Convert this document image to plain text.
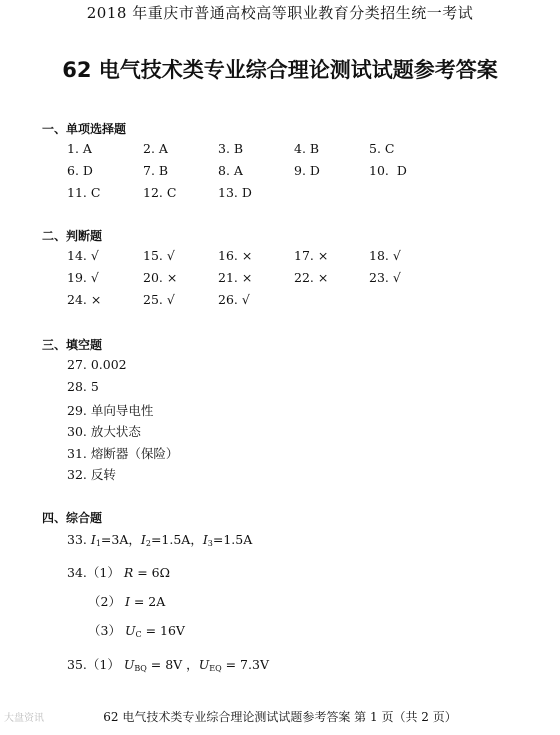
2018 年重庆市普通高校高等职业教育分类招生统一考试
62 电气技术类专业综合理论测试试题参考答案
一、单项选择题
1. A	2. A	3. B	4. B	5. C
6. D	7. B	8. A	9. D	10.  D
11. C	12. C	13. D
二、判断题
14. √	15. √	16. ×	17. ×	18. √
19. √	20. ×	21. ×	22. ×	23. √
24. ×	25. √	26. √
三、填空题
27. 0.002
28. 5
29. 单向导电性
30. 放大状态
31. 熔断器（保险）
32. 反转
四、综合题
33. $I_1=3A$，$I_2=1.5A$，$I_3=1.5A$
34.（1） R = 6Ω
（2） I = 2A
（3） $U_C = 16V$
35.（1） $U_{BQ} = 8V$ ，$U_{EQ} = 7.3V$
大盘资讯	62 电气技术类专业综合理论测试试题参考答案 第 1 页（共 2 页）
